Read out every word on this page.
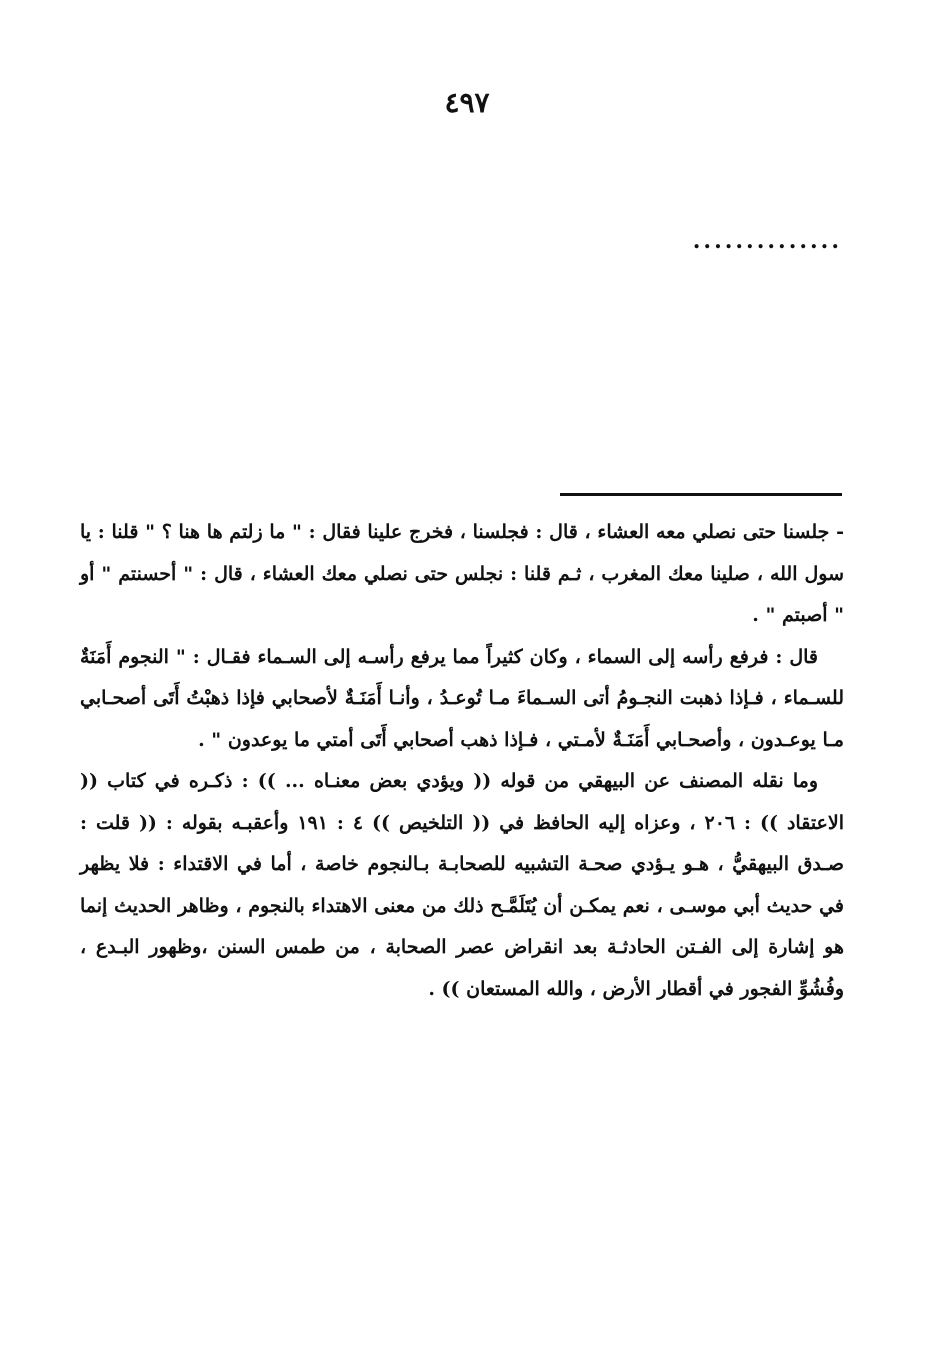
٤٩٧
..............

- جلسنا حتى نصلي معه العشاء ، قال : فجلسنا ، فخرج علينا فقال : " ما زلتم ها هنا ؟ " قلنا : يا سول الله ، صلينا معك المغرب ، ثـم قلنا : نجلس حتى نصلي معك العشاء ، قال : " أحسنتم " أو " أصبتم " .

قال : فرفع رأسه إلى السماء ، وكان كثيراً مما يرفع رأسـه إلى السـماء فقـال : " النجوم أَمَنَةٌ للسـماء ، فـإذا ذهبت النجـومُ أتى السـماءَ مـا تُوعـدُ ، وأنـا أَمَنَـةٌ لأصحابي فإذا ذهبْتُ أَتَى أصحـابي مـا يوعـدون ، وأصحـابي أَمَنَـةٌ لأمـتي ، فـإذا ذهب أصحابي أَتَى أمتي ما يوعدون " .

وما نقله المصنف عن البيهقي من قوله (( ويؤدي بعض معنـاه ... )) : ذكـره في كتاب (( الاعتقاد )) : ٢٠٦ ، وعزاه إليه الحافظ في (( التلخيص )) ٤ : ١٩١ وأعقبـه بقوله : (( قلت : صـدق البيهقيُّ ، هـو يـؤدي صحـة التشبيه للصحابـة بـالنجوم خاصة ، أما في الاقتداء : فلا يظهر في حديث أبي موسـى ، نعم يمكـن أن يُتَلَمَّـح ذلك من معنى الاهتداء بالنجوم ، وظاهر الحديث إنما هو إشارة إلى الفـتن الحادثـة بعد انقراض عصر الصحابة ، من طمس السنن ،وظهور البـدع ، وفُشُوِّ الفجور في أقطار الأرض ، والله المستعان )) .
